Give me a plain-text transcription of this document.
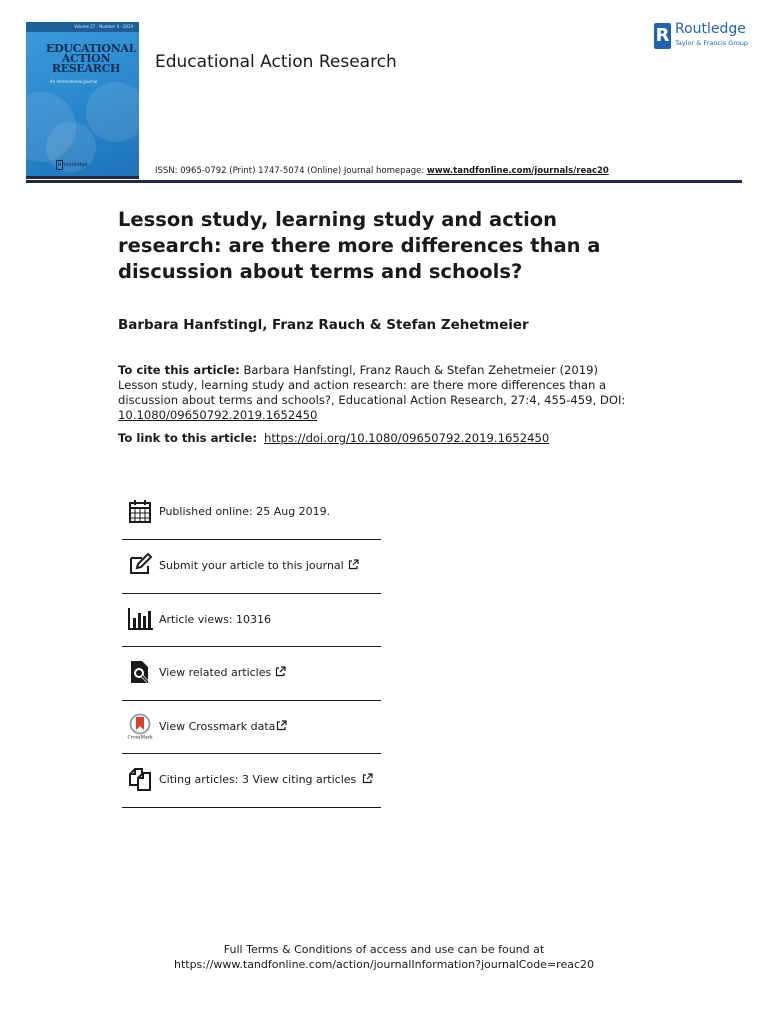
Volume 27 · Number 4 · 2019
EDUCATIONAL ACTION RESEARCH
An International Journal
R Routledge
Educational Action Research
R Routledge
Taylor & Francis Group
ISSN: 0965-0792 (Print) 1747-5074 (Online) Journal homepage: www.tandfonline.com/journals/reac20
Lesson study, learning study and action research: are there more differences than a discussion about terms and schools?
Barbara Hanfstingl, Franz Rauch & Stefan Zehetmeier
To cite this article: Barbara Hanfstingl, Franz Rauch & Stefan Zehetmeier (2019) Lesson study, learning study and action research: are there more differences than a discussion about terms and schools?, Educational Action Research, 27:4, 455-459, DOI: 10.1080/09650792.2019.1652450
To link to this article: https://doi.org/10.1080/09650792.2019.1652450
Published online: 25 Aug 2019.
Submit your article to this journal
Article views: 10316
View related articles
CrossMark
View Crossmark data
Citing articles: 3 View citing articles
Full Terms & Conditions of access and use can be found at
https://www.tandfonline.com/action/journalInformation?journalCode=reac20
